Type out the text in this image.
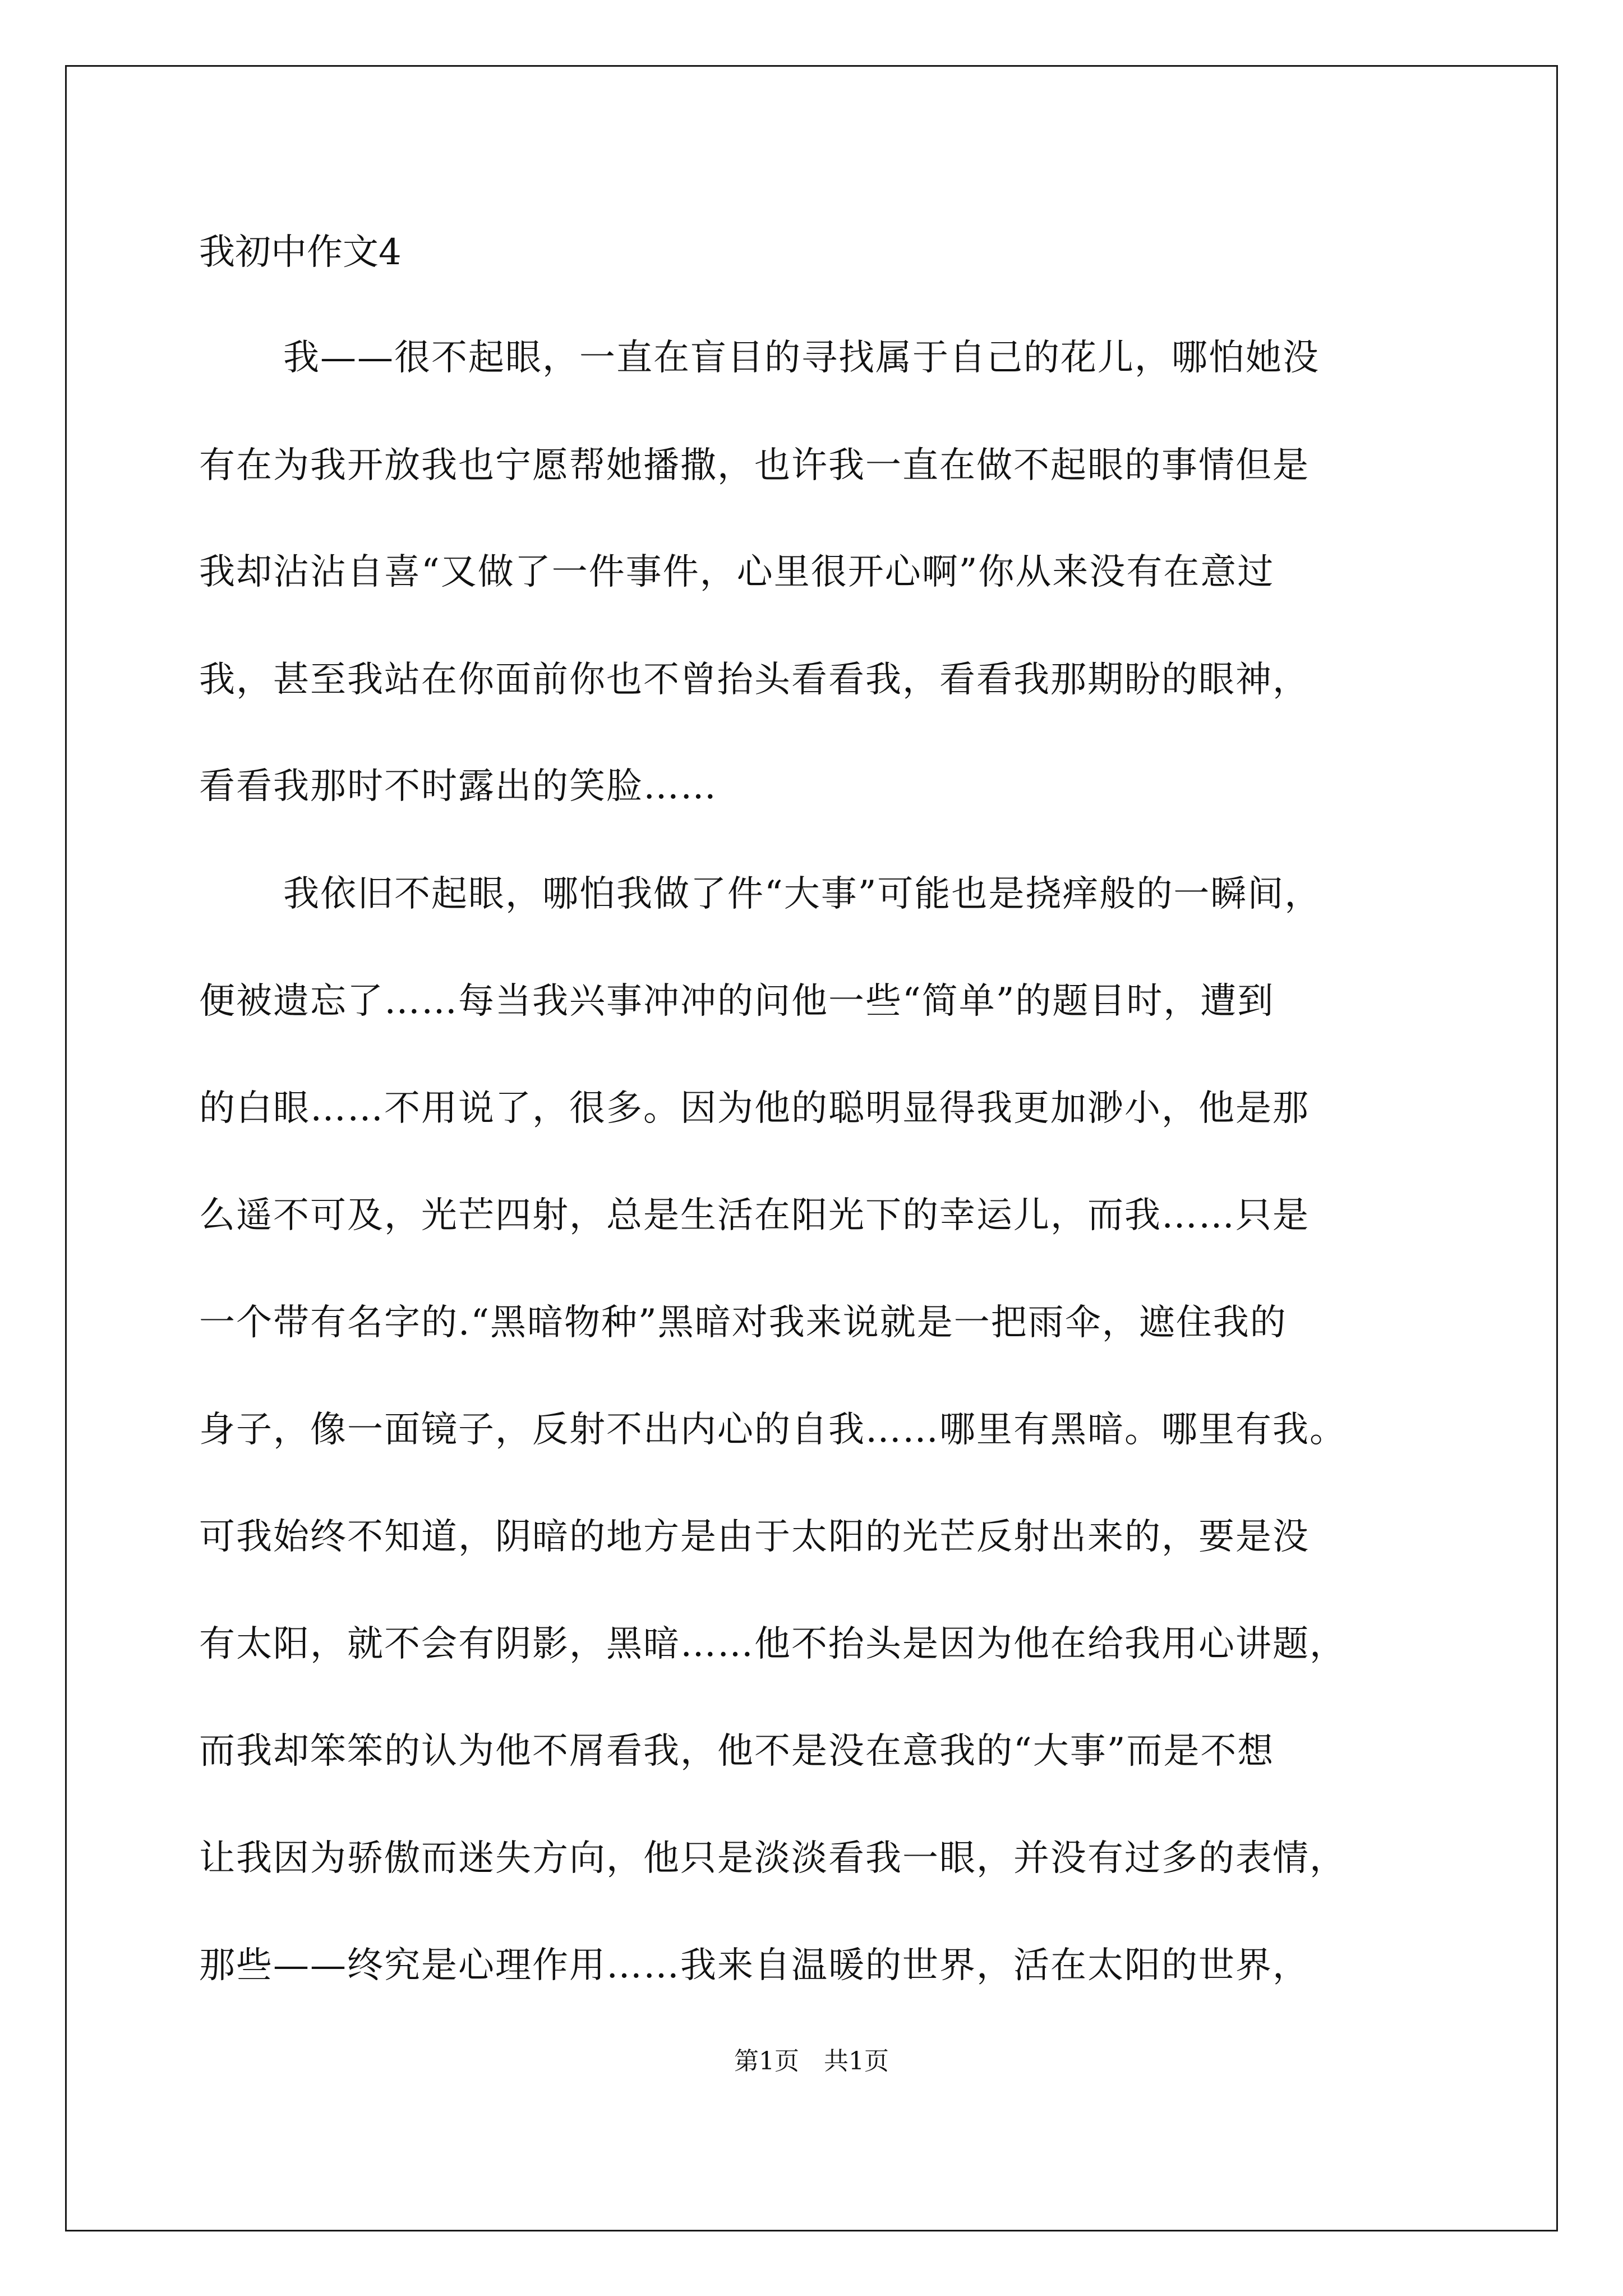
我初中作文4
我——很不起眼，一直在盲目的寻找属于自己的花儿，哪怕她没
有在为我开放我也宁愿帮她播撒，也许我一直在做不起眼的事情但是
我却沾沾自喜“又做了一件事件，心里很开心啊”你从来没有在意过
我，甚至我站在你面前你也不曾抬头看看我，看看我那期盼的眼神，
看看我那时不时露出的笑脸……
我依旧不起眼，哪怕我做了件“大事”可能也是挠痒般的一瞬间，
便被遗忘了……每当我兴事冲冲的问他一些“简单”的题目时，遭到
的白眼……不用说了，很多。因为他的聪明显得我更加渺小，他是那
么遥不可及，光芒四射，总是生活在阳光下的幸运儿，而我……只是
一个带有名字的.“黑暗物种”黑暗对我来说就是一把雨伞，遮住我的
身子，像一面镜子，反射不出内心的自我……哪里有黑暗。哪里有我。
可我始终不知道，阴暗的地方是由于太阳的光芒反射出来的，要是没
有太阳，就不会有阴影，黑暗……他不抬头是因为他在给我用心讲题，
而我却笨笨的认为他不屑看我，他不是没在意我的“大事”而是不想
让我因为骄傲而迷失方向，他只是淡淡看我一眼，并没有过多的表情，
那些——终究是心理作用……我来自温暖的世界，活在太阳的世界，
第1页　共1页
